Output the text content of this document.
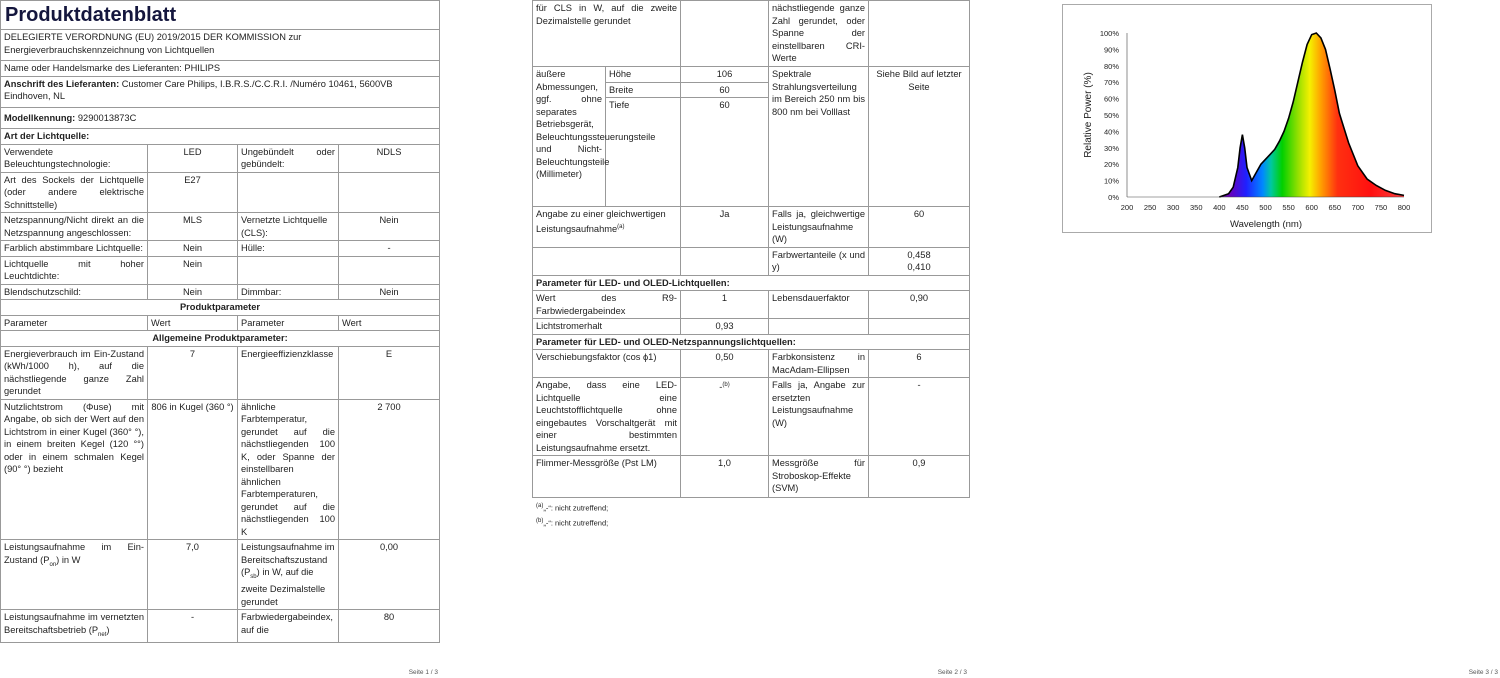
Produktdatenblatt			
DELEGIERTE VERORDNUNG (EU) 2019/2015 DER KOMMISSION zur Energieverbrauchskennzeichnung von Lichtquellen			
Name oder Handelsmarke des Lieferanten: PHILIPS			
Anschrift des Lieferanten: Customer Care Philips, I.B.R.S./C.C.R.I. /Numéro 10461, 5600VB Eindhoven, NL			
Modellkennung: 9290013873C			
Art der Lichtquelle:			
Verwendete Beleuchtungstechnologie:	LED	Ungebündelt oder gebündelt:	NDLS
Art des Sockels der Lichtquelle (oder andere elektrische Schnittstelle)	E27		
Netzspannung/Nicht direkt an die Netzspannung angeschlossen:	MLS	Vernetzte Lichtquelle (CLS):	Nein
Farblich abstimmbare Lichtquelle:	Nein	Hülle:	-
Lichtquelle mit hoher Leuchtdichte:	Nein		
Blendschutzschild:	Nein	Dimmbar:	Nein
Produktparameter			
Parameter	Wert	Parameter	Wert
Allgemeine Produktparameter:			
Energieverbrauch im Ein-Zustand (kWh/1000 h), auf die nächstliegende ganze Zahl gerundet	7	Energieeffizienzklasse	E
Nutzlichtstrom (Φuse) mit Angabe, ob sich der Wert auf den Lichtstrom in einer Kugel (360° °), in einem breiten Kegel (120 °°) oder in einem schmalen Kegel (90° °) bezieht	806 in Kugel (360 °)	ähnliche Farbtemperatur, gerundet auf die nächstliegenden 100 K, oder Spanne der einstellbaren ähnlichen Farbtemperaturen, gerundet auf die nächstliegenden 100 K	2 700
Leistungsaufnahme im Ein-Zustand $(P_{on})$ in W	7,0	Leistungsaufnahme im Bereitschaftszustand $(P_{sb})$ in W, auf die zweite Dezimalstelle gerundet	0,00
Leistungsaufnahme im vernetzten Bereitschaftsbetrieb $(P_{net})$	-	Farbwiedergabeindex, auf die	80
Seite 1 / 3
für CLS in W, auf die zweite Dezimalstelle gerundet			nächstliegende ganze Zahl gerundet, oder Spanne der einstellbaren CRI-Werte	
äußere Abmessungen, ggf. ohne separates Betriebsgerät, Beleuchtungssteuerungsteile und Nicht-Beleuchtungsteile (Millimeter)	Höhe	106	Spektrale Strahlungsverteilung im Bereich 250 nm bis 800 nm bei Volllast	Siehe Bild auf letzter Seite
	Breite	60		
	Tiefe	60		

Angabe zu einer gleichwertigen Leistungsaufnahme$^{(a)}$		Ja	Falls ja, gleichwertige Leistungsaufnahme (W)	60
			Farbwertanteile (x und y)	0,458
0,410

Parameter für LED- und OLED-Lichtquellen:				
Wert des R9-Farbwiedergabeindex		1	Lebensdauerfaktor	0,90
Lichtstromerhalt		0,93		
Parameter für LED- und OLED-Netzspannungslichtquellen:				
Verschiebungsfaktor (cos ϕ1)		0,50	Farbkonsistenz in MacAdam-Ellipsen	6
Angabe, dass eine LED-Lichtquelle eine Leuchtstofflichtquelle ohne eingebautes Vorschaltgerät mit einer bestimmten Leistungsaufnahme ersetzt.		-$^{(b)}$	Falls ja, Angabe zur ersetzten Leistungsaufnahme (W)	-
Flimmer-Messgröße (Pst LM)		1,0	Messgröße für Stroboskop-Effekte (SVM)	0,9
$^{(a)}$„-“: nicht zutreffend;
$^{(b)}$„-“: nicht zutreffend;
Seite 2 / 3
0%
10%
20%
30%
40%
50%
60%
70%
80%
90%
100%
200 250 300 350 400 450 500 550 600 650 700 750 800
Relative Power (%)
Wavelength (nm)
Seite 3 / 3
